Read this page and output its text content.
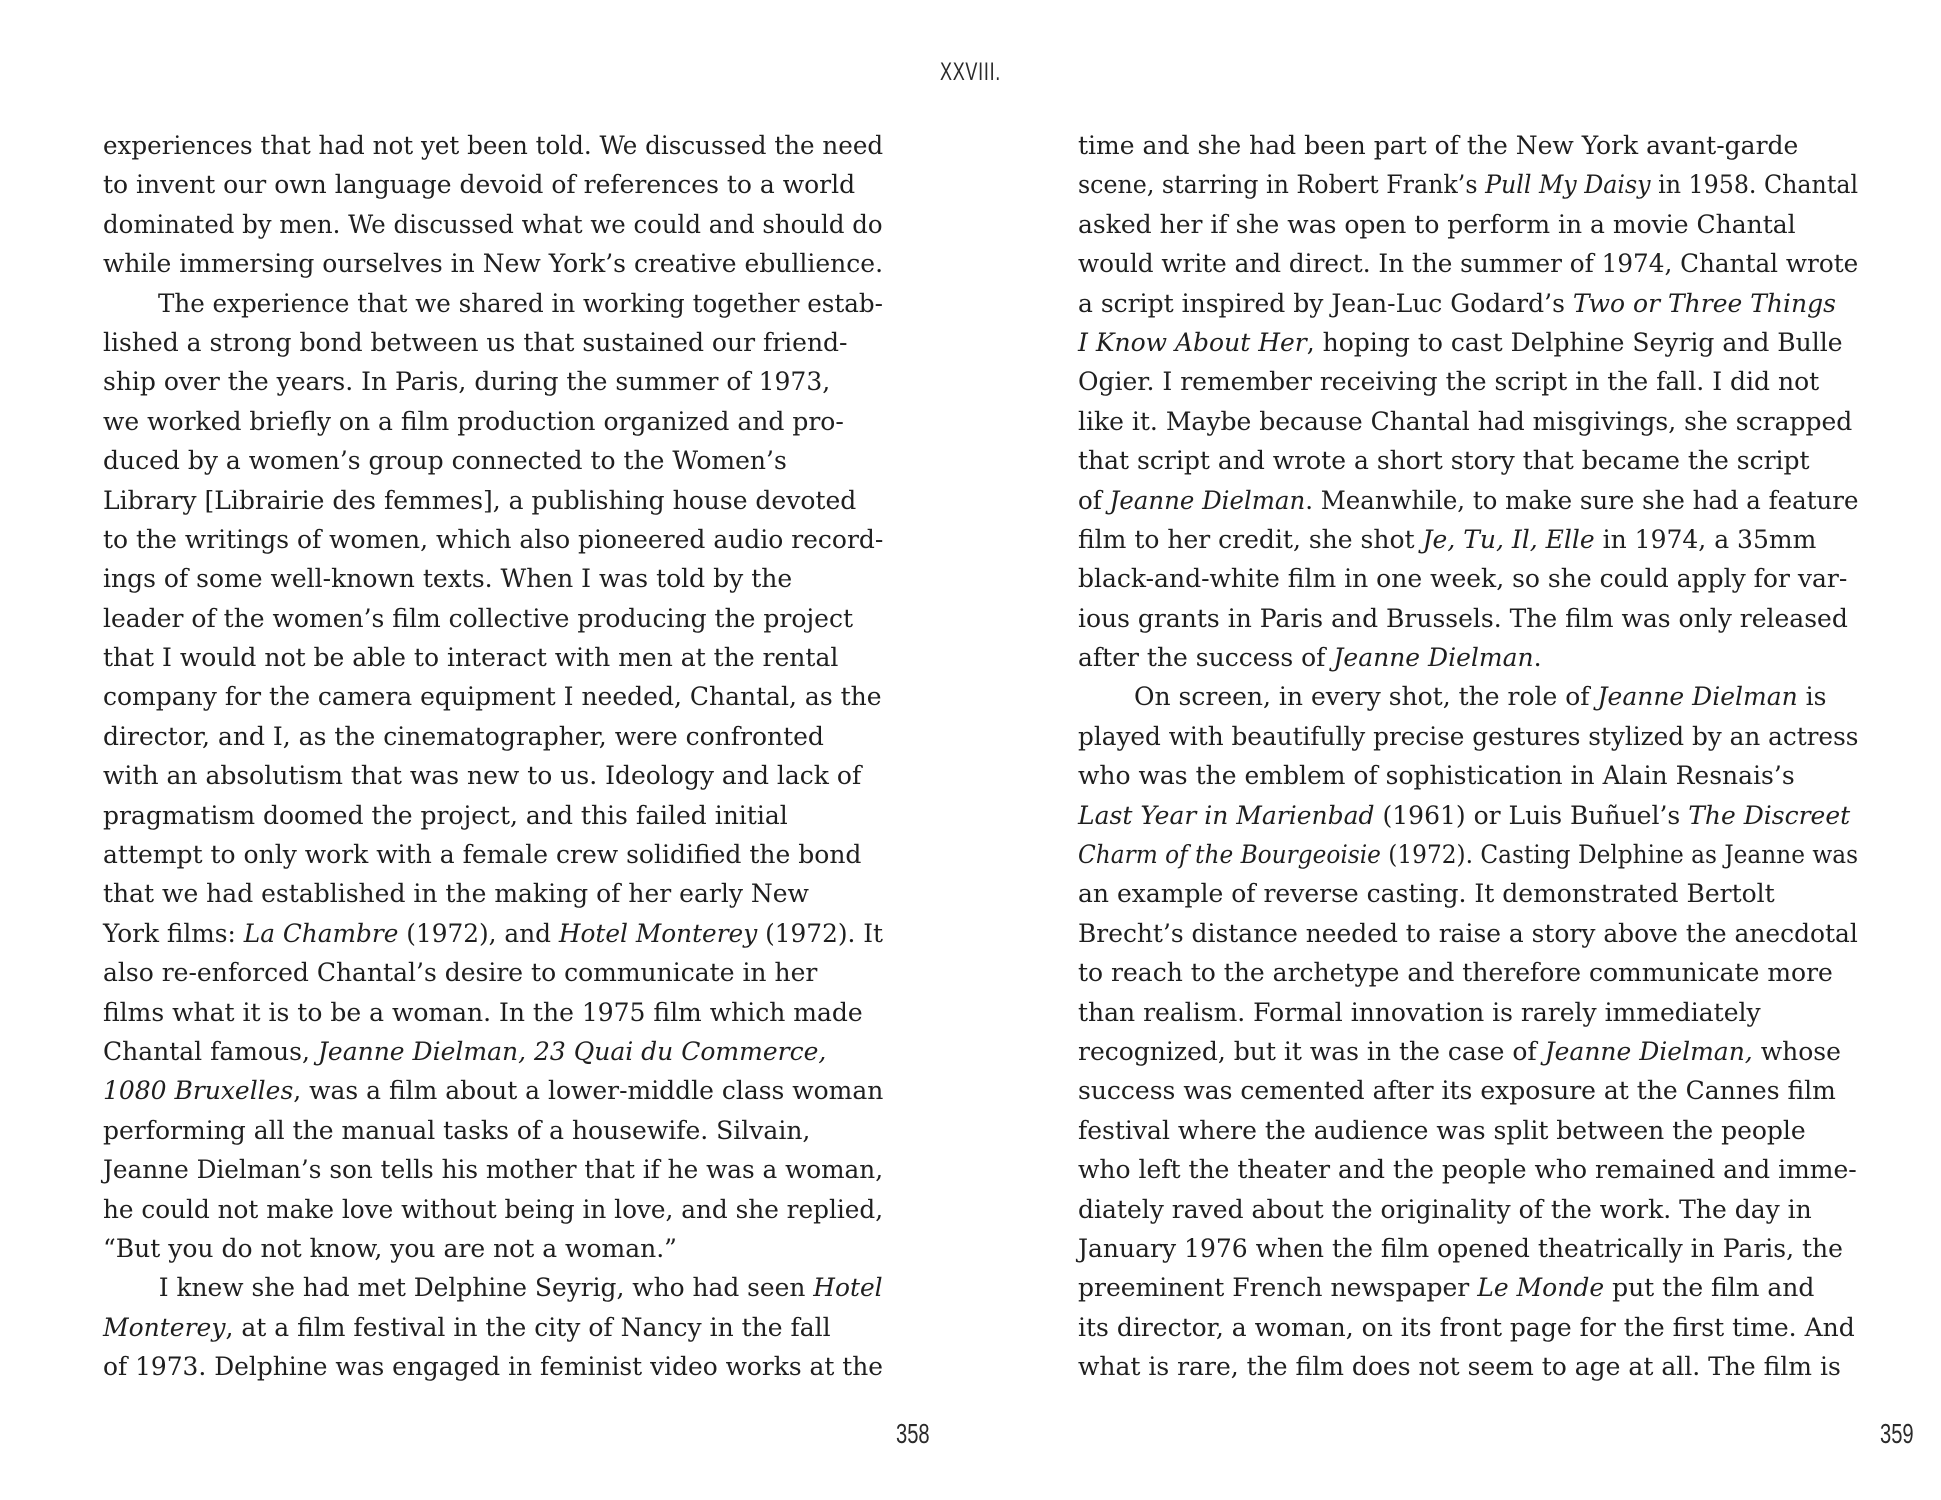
XXVIII.
experiences that had not yet been told. We discussed the need
to invent our own language devoid of references to a world
dominated by men. We discussed what we could and should do
while immersing ourselves in New York’s creative ebullience.
The experience that we shared in working together estab-
lished a strong bond between us that sustained our friend-
ship over the years. In Paris, during the summer of 1973,
we worked briefly on a film production organized and pro-
duced by a women’s group connected to the Women’s
Library [Librairie des femmes], a publishing house devoted
to the writings of women, which also pioneered audio record-
ings of some well-known texts. When I was told by the
leader of the women’s film collective producing the project
that I would not be able to interact with men at the rental
company for the camera equipment I needed, Chantal, as the
director, and I, as the cinematographer, were confronted
with an absolutism that was new to us. Ideology and lack of
pragmatism doomed the project, and this failed initial
attempt to only work with a female crew solidified the bond
that we had established in the making of her early New
York films: La Chambre (1972), and Hotel Monterey (1972). It
also re-enforced Chantal’s desire to communicate in her
films what it is to be a woman. In the 1975 film which made
Chantal famous, Jeanne Dielman, 23 Quai du Commerce,
1080 Bruxelles, was a film about a lower-middle class woman
performing all the manual tasks of a housewife. Silvain,
Jeanne Dielman’s son tells his mother that if he was a woman,
he could not make love without being in love, and she replied,
“But you do not know, you are not a woman.”
I knew she had met Delphine Seyrig, who had seen Hotel
Monterey, at a film festival in the city of Nancy in the fall
of 1973. Delphine was engaged in feminist video works at the
time and she had been part of the New York avant-garde
scene, starring in Robert Frank’s Pull My Daisy in 1958. Chantal
asked her if she was open to perform in a movie Chantal
would write and direct. In the summer of 1974, Chantal wrote
a script inspired by Jean-Luc Godard’s Two or Three Things
I Know About Her, hoping to cast Delphine Seyrig and Bulle
Ogier. I remember receiving the script in the fall. I did not
like it. Maybe because Chantal had misgivings, she scrapped
that script and wrote a short story that became the script
of Jeanne Dielman. Meanwhile, to make sure she had a feature
film to her credit, she shot Je, Tu, Il, Elle in 1974, a 35mm
black-and-white film in one week, so she could apply for var-
ious grants in Paris and Brussels. The film was only released
after the success of Jeanne Dielman.
On screen, in every shot, the role of Jeanne Dielman is
played with beautifully precise gestures stylized by an actress
who was the emblem of sophistication in Alain Resnais’s
Last Year in Marienbad (1961) or Luis Buñuel’s The Discreet
Charm of the Bourgeoisie (1972). Casting Delphine as Jeanne was
an example of reverse casting. It demonstrated Bertolt
Brecht’s distance needed to raise a story above the anecdotal
to reach to the archetype and therefore communicate more
than realism. Formal innovation is rarely immediately
recognized, but it was in the case of Jeanne Dielman, whose
success was cemented after its exposure at the Cannes film
festival where the audience was split between the people
who left the theater and the people who remained and imme-
diately raved about the originality of the work. The day in
January 1976 when the film opened theatrically in Paris, the
preeminent French newspaper Le Monde put the film and
its director, a woman, on its front page for the first time. And
what is rare, the film does not seem to age at all. The film is
358	359
